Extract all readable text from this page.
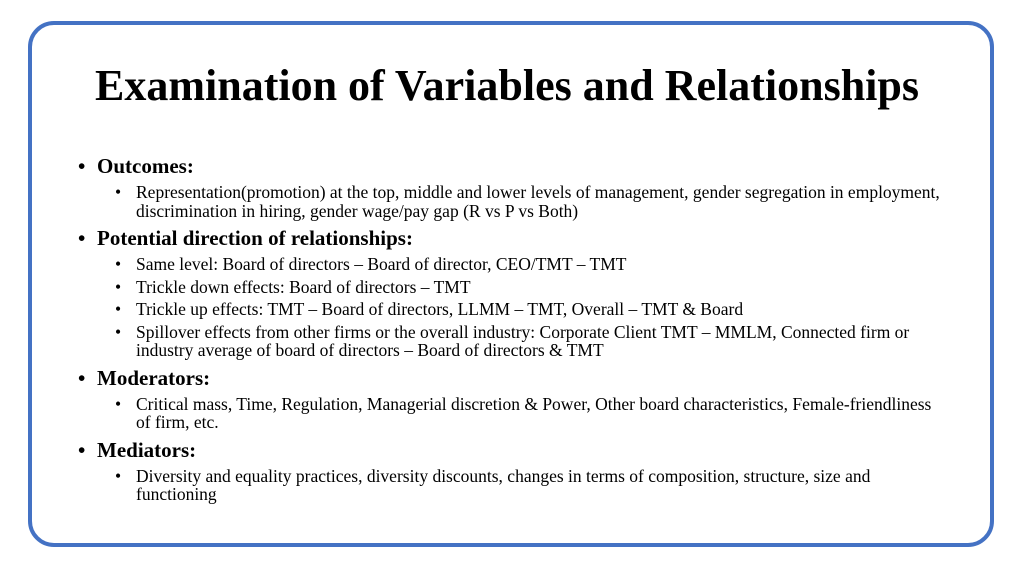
Examination of Variables and Relationships
• Outcomes:
• Representation(promotion) at the top, middle and lower levels of management, gender segregation in employment, discrimination in hiring, gender wage/pay gap (R vs P vs Both)
• Potential direction of relationships:
• Same level: Board of directors – Board of director, CEO/TMT – TMT
• Trickle down effects: Board of directors – TMT
• Trickle up effects: TMT – Board of directors, LLMM – TMT, Overall – TMT & Board
• Spillover effects from other firms or the overall industry: Corporate Client TMT – MMLM, Connected firm or industry average of board of directors – Board of directors & TMT
• Moderators:
• Critical mass, Time, Regulation, Managerial discretion & Power, Other board characteristics, Female-friendliness of firm, etc.
• Mediators:
• Diversity and equality practices, diversity discounts, changes in terms of composition, structure, size and functioning
